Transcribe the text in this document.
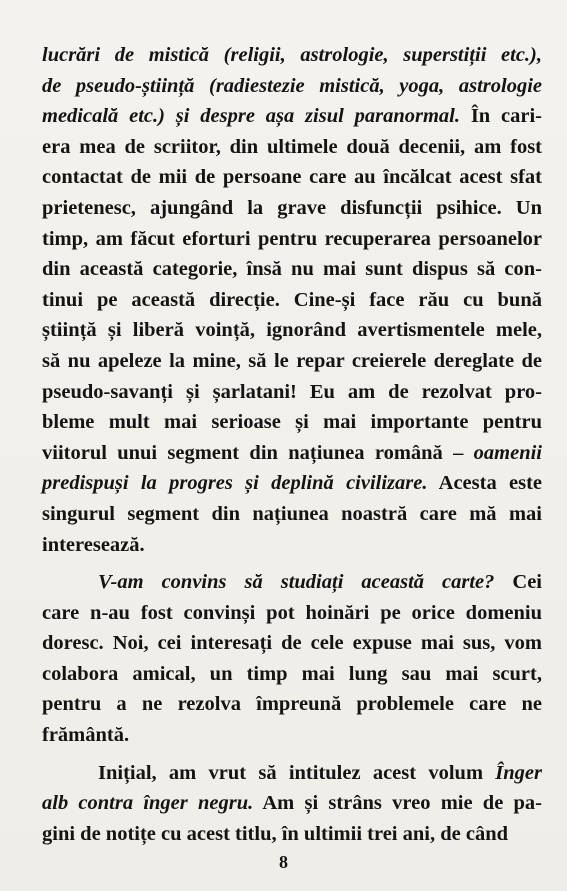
lucrări de mistică (religii, astrologie, superstiții etc.),
de pseudo-știință (radiestezie mistică, yoga, astrologie
medicală etc.) și despre așa zisul paranormal. În cari-
era mea de scriitor, din ultimele două decenii, am fost
contactat de mii de persoane care au încălcat acest sfat
prietenesc, ajungând la grave disfuncții psihice. Un
timp, am făcut eforturi pentru recuperarea persoanelor
din această categorie, însă nu mai sunt dispus să con-
tinui pe această direcție. Cine-și face rău cu bună
știință și liberă voință, ignorând avertismentele mele,
să nu apeleze la mine, să le repar creierele dereglate de
pseudo-savanți și șarlatani! Eu am de rezolvat pro-
bleme mult mai serioase și mai importante pentru
viitorul unui segment din națiunea română – oamenii
predispuși la progres și deplină civilizare. Acesta este
singurul segment din națiunea noastră care mă mai
interesează.
V-am convins să studiați această carte? Cei
care n-au fost convinși pot hoinări pe orice domeniu
doresc. Noi, cei interesați de cele expuse mai sus, vom
colabora amical, un timp mai lung sau mai scurt,
pentru a ne rezolva împreună problemele care ne
frământă.
Inițial, am vrut să intitulez acest volum Înger
alb contra înger negru. Am și strâns vreo mie de pa-
gini de notițe cu acest titlu, în ultimii trei ani, de când
8
